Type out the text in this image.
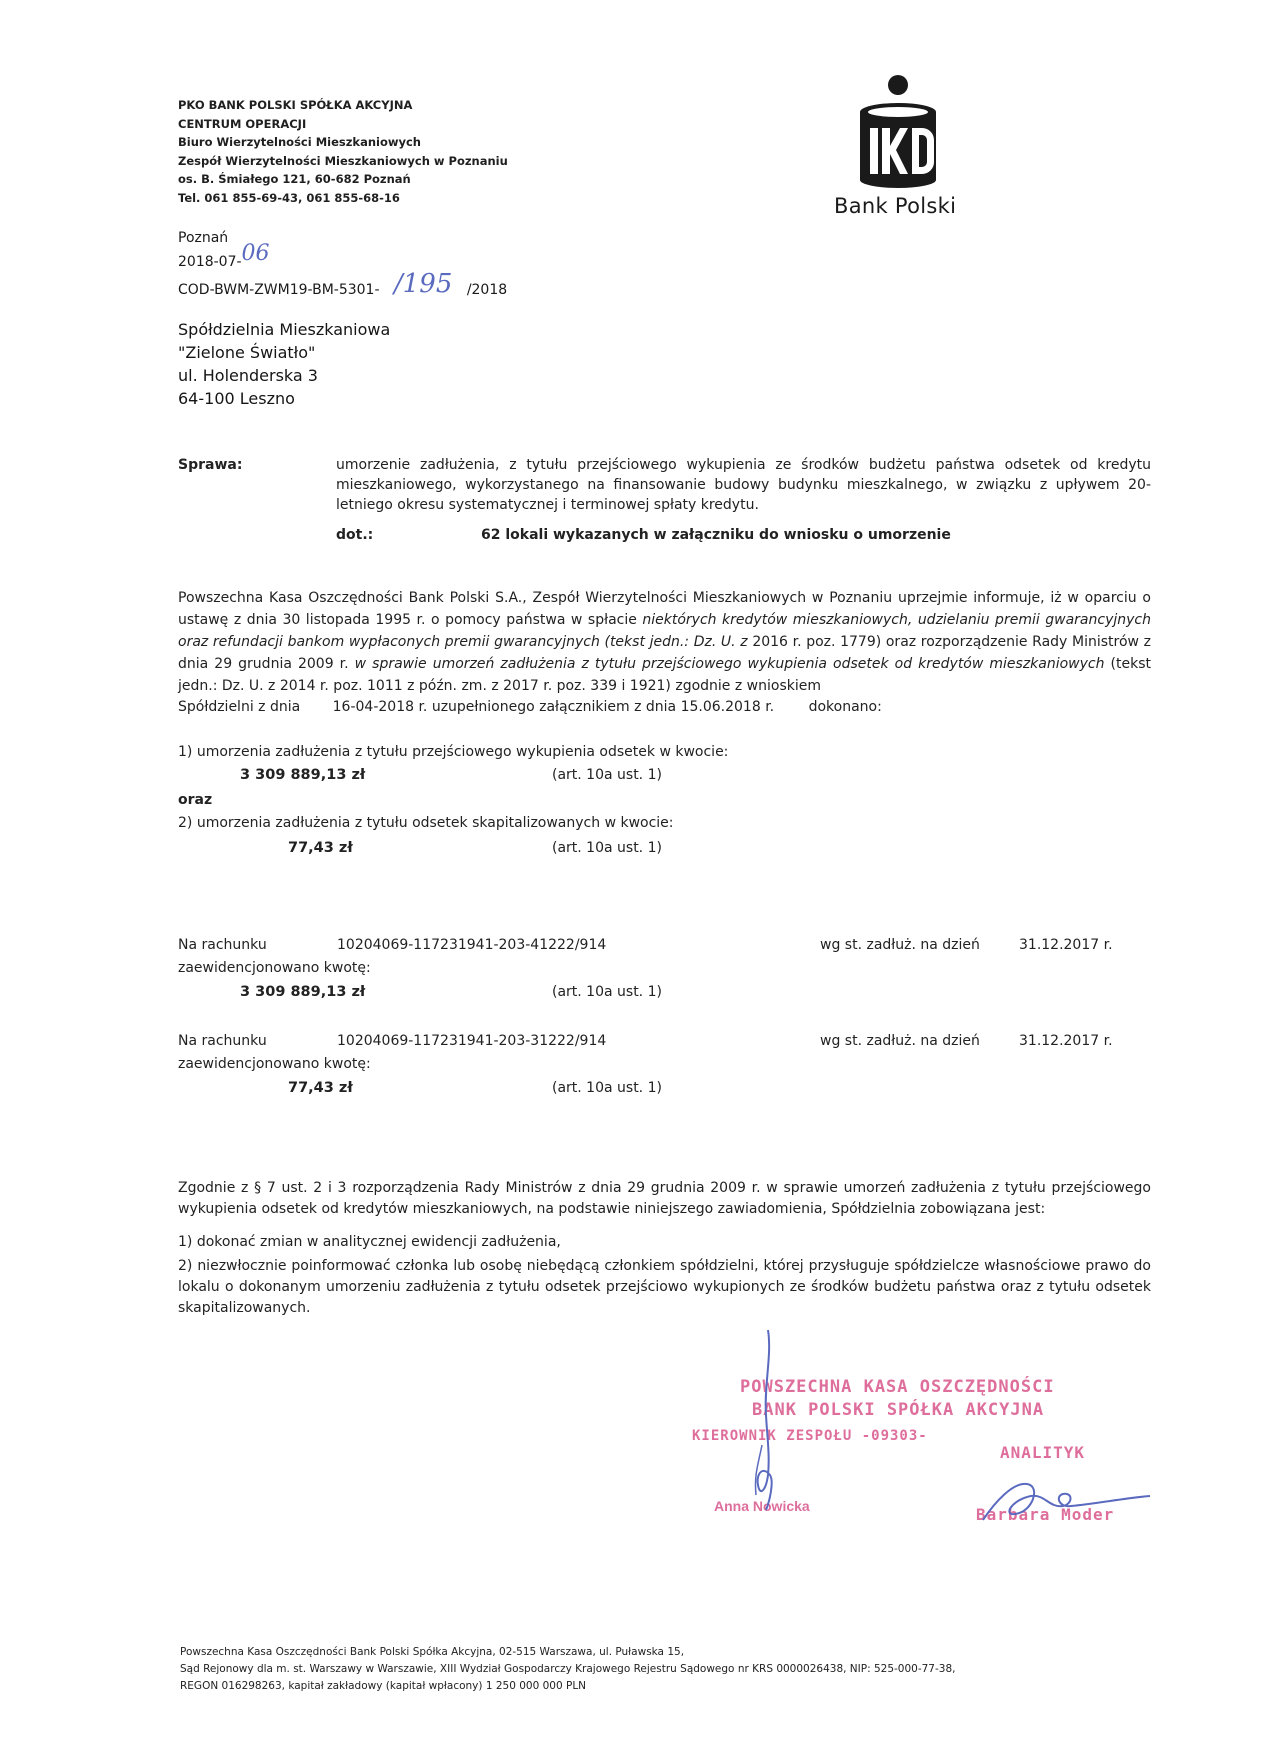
PKO BANK POLSKI SPÓŁKA AKCYJNA
CENTRUM OPERACJI
Biuro Wierzytelności Mieszkaniowych
Zespół Wierzytelności Mieszkaniowych w Poznaniu
os. B. Śmiałego 121, 60-682 Poznań
Tel. 061 855-69-43, 061 855-68-16	Bank Polski
Poznań
2018-07-06
COD-BWM-ZWM19-BM-5301- /195 /2018
Spółdzielnia Mieszkaniowa
"Zielone Światło"
ul. Holenderska 3
64-100 Leszno
Sprawa:	umorzenie zadłużenia, z tytułu przejściowego wykupienia ze środków budżetu państwa odsetek od kredytu mieszkaniowego, wykorzystanego na finansowanie budowy budynku mieszkalnego, w związku z upływem 20-letniego okresu systematycznej i terminowej spłaty kredytu.
dot.:	62 lokali wykazanych w załączniku do wniosku o umorzenie
Powszechna Kasa Oszczędności Bank Polski S.A., Zespół Wierzytelności Mieszkaniowych w Poznaniu uprzejmie informuje, iż w oparciu o ustawę z dnia 30 listopada 1995 r. o pomocy państwa w spłacie niektórych kredytów mieszkaniowych, udzielaniu premii gwarancyjnych oraz refundacji bankom wypłaconych premii gwarancyjnych (tekst jedn.: Dz. U. z 2016 r. poz. 1779) oraz rozporządzenie Rady Ministrów z dnia 29 grudnia 2009 r. w sprawie umorzeń zadłużenia z tytułu przejściowego wykupienia odsetek od kredytów mieszkaniowych (tekst jedn.: Dz. U. z 2014 r. poz. 1011 z późn. zm. z 2017 r. poz. 339 i 1921) zgodnie z wnioskiem
Spółdzielni z dnia 16-04-2018 r. uzupełnionego załącznikiem z dnia 15.06.2018 r. dokonano:
1) umorzenia zadłużenia z tytułu przejściowego wykupienia odsetek w kwocie:
3 309 889,13 zł	(art. 10a ust. 1)
oraz
2) umorzenia zadłużenia z tytułu odsetek skapitalizowanych w kwocie:
77,43 zł	(art. 10a ust. 1)
Na rachunku	10204069-117231941-203-41222/914	wg st. zadłuż. na dzień	31.12.2017 r.
zaewidencjonowano kwotę:
3 309 889,13 zł	(art. 10a ust. 1)
Na rachunku	10204069-117231941-203-31222/914	wg st. zadłuż. na dzień	31.12.2017 r.
zaewidencjonowano kwotę:
77,43 zł	(art. 10a ust. 1)
Zgodnie z § 7 ust. 2 i 3 rozporządzenia Rady Ministrów z dnia 29 grudnia 2009 r. w sprawie umorzeń zadłużenia z tytułu przejściowego wykupienia odsetek od kredytów mieszkaniowych, na podstawie niniejszego zawiadomienia, Spółdzielnia zobowiązana jest:
1) dokonać zmian w analitycznej ewidencji zadłużenia,
2) niezwłocznie poinformować członka lub osobę niebędącą członkiem spółdzielni, której przysługuje spółdzielcze własnościowe prawo do lokalu o dokonanym umorzeniu zadłużenia z tytułu odsetek przejściowo wykupionych ze środków budżetu państwa oraz z tytułu odsetek skapitalizowanych.
POWSZECHNA KASA OSZCZĘDNOŚCI
BANK POLSKI SPÓŁKA AKCYJNA
KIEROWNIK ZESPOŁU -09303-
Anna Nowicka
ANALITYK
Barbara Moder
Powszechna Kasa Oszczędności Bank Polski Spółka Akcyjna, 02-515 Warszawa, ul. Puławska 15,
Sąd Rejonowy dla m. st. Warszawy w Warszawie, XIII Wydział Gospodarczy Krajowego Rejestru Sądowego nr KRS 0000026438, NIP: 525-000-77-38,
REGON 016298263, kapitał zakładowy (kapitał wpłacony) 1 250 000 000 PLN
